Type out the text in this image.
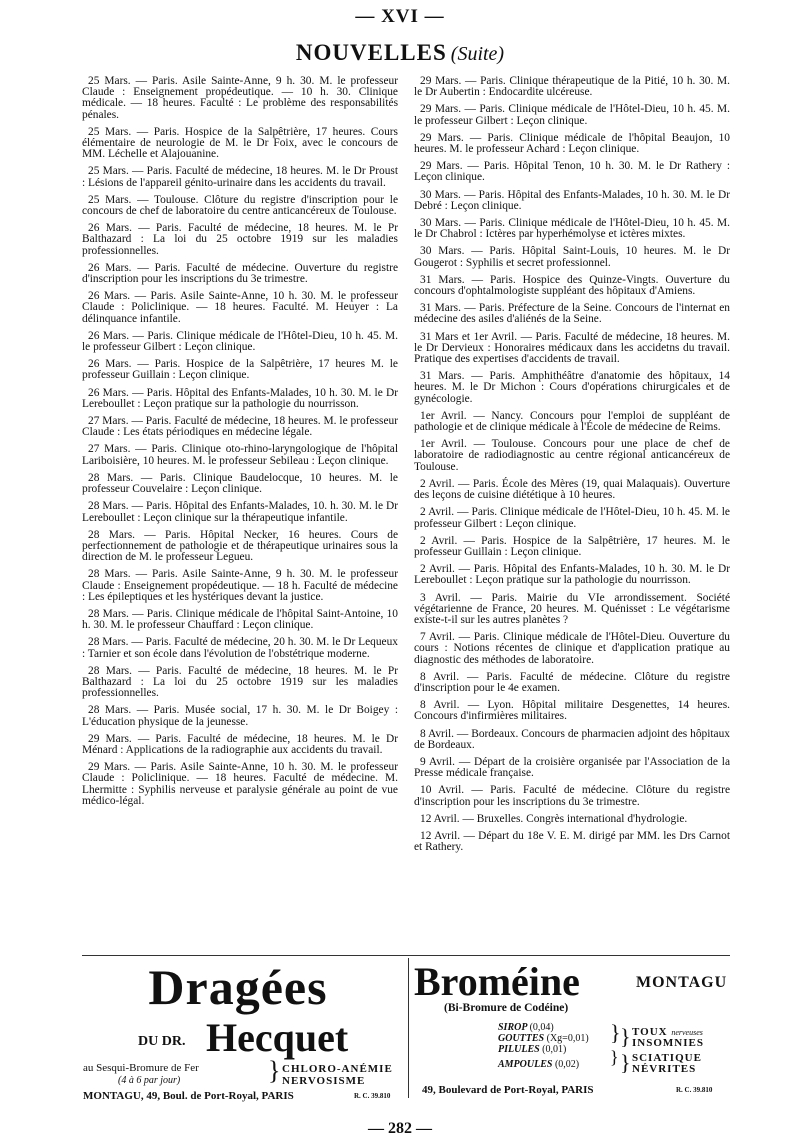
— XVI —
NOUVELLES (Suite)

25 Mars. — Paris. Asile Sainte-Anne, 9 h. 30. M. le professeur Claude : Enseignement propédeutique. — 10 h. 30. Clinique médicale. — 18 heures. Faculté : Le problème des responsabilités pénales.

25 Mars. — Paris. Hospice de la Salpêtrière, 17 heures. Cours élémentaire de neurologie de M. le Dr Foix, avec le concours de MM. Léchelle et Alajouanine.

25 Mars. — Paris. Faculté de médecine, 18 heures. M. le Dr Proust : Lésions de l'appareil génito-urinaire dans les accidents du travail.

25 Mars. — Toulouse. Clôture du registre d'inscription pour le concours de chef de laboratoire du centre anticancéreux de Toulouse.

26 Mars. — Paris. Faculté de médecine, 18 heures. M. le Pr Balthazard : La loi du 25 octobre 1919 sur les maladies professionnelles.

26 Mars. — Paris. Faculté de médecine. Ouverture du registre d'inscription pour les inscriptions du 3e trimestre.

26 Mars. — Paris. Asile Sainte-Anne, 10 h. 30. M. le professeur Claude : Policlinique. — 18 heures. Faculté. M. Heuyer : La délinquance infantile.

26 Mars. — Paris. Clinique médicale de l'Hôtel-Dieu, 10 h. 45. M. le professeur Gilbert : Leçon clinique.

26 Mars. — Paris. Hospice de la Salpêtrière, 17 heures M. le professeur Guillain : Leçon clinique.

26 Mars. — Paris. Hôpital des Enfants-Malades, 10 h. 30. M. le Dr Lereboullet : Leçon pratique sur la pathologie du nourrisson.

27 Mars. — Paris. Faculté de médecine, 18 heures. M. le professeur Claude : Les états périodiques en médecine légale.

27 Mars. — Paris. Clinique oto-rhino-laryngologique de l'hôpital Lariboisière, 10 heures. M. le professeur Sebileau : Leçon clinique.

28 Mars. — Paris. Clinique Baudelocque, 10 heures. M. le professeur Couvelaire : Leçon clinique.

28 Mars. — Paris. Hôpital des Enfants-Malades, 10. h. 30. M. le Dr Lereboullet : Leçon clinique sur la thérapeutique infantile.

28 Mars. — Paris. Hôpital Necker, 16 heures. Cours de perfectionnement de pathologie et de thérapeutique urinaires sous la direction de M. le professeur Legueu.

28 Mars. — Paris. Asile Sainte-Anne, 9 h. 30. M. le professeur Claude : Enseignement propédeutique. — 18 h. Faculté de médecine : Les épileptiques et les hystériques devant la justice.

28 Mars. — Paris. Clinique médicale de l'hôpital Saint-Antoine, 10 h. 30. M. le professeur Chauffard : Leçon clinique.

28 Mars. — Paris. Faculté de médecine, 20 h. 30. M. le Dr Lequeux : Tarnier et son école dans l'évolution de l'obstétrique moderne.

28 Mars. — Paris. Faculté de médecine, 18 heures. M. le Pr Balthazard : La loi du 25 octobre 1919 sur les maladies professionnelles.

28 Mars. — Paris. Musée social, 17 h. 30. M. le Dr Boigey : L'éducation physique de la jeunesse.

29 Mars. — Paris. Faculté de médecine, 18 heures. M. le Dr Ménard : Applications de la radiographie aux accidents du travail.

29 Mars. — Paris. Asile Sainte-Anne, 10 h. 30. M. le professeur Claude : Policlinique. — 18 heures. Faculté de médecine. M. Lhermitte : Syphilis nerveuse et paralysie générale au point de vue médico-légal.

29 Mars. — Paris. Clinique thérapeutique de la Pitié, 10 h. 30. M. le Dr Aubertin : Endocardite ulcéreuse.

29 Mars. — Paris. Clinique médicale de l'Hôtel-Dieu, 10 h. 45. M. le professeur Gilbert : Leçon clinique.

29 Mars. — Paris. Clinique médicale de l'hôpital Beaujon, 10 heures. M. le professeur Achard : Leçon clinique.

29 Mars. — Paris. Hôpital Tenon, 10 h. 30. M. le Dr Rathery : Leçon clinique.

30 Mars. — Paris. Hôpital des Enfants-Malades, 10 h. 30. M. le Dr Debré : Leçon clinique.

30 Mars. — Paris. Clinique médicale de l'Hôtel-Dieu, 10 h. 45. M. le Dr Chabrol : Ictères par hyperhémolyse et ictères mixtes.

30 Mars. — Paris. Hôpital Saint-Louis, 10 heures. M. le Dr Gougerot : Syphilis et secret professionnel.

31 Mars. — Paris. Hospice des Quinze-Vingts. Ouverture du concours d'ophtalmologiste suppléant des hôpitaux d'Amiens.

31 Mars. — Paris. Préfecture de la Seine. Concours de l'internat en médecine des asiles d'aliénés de la Seine.

31 Mars et 1er Avril. — Paris. Faculté de médecine, 18 heures. M. le Dr Dervieux : Honoraires médicaux dans les accidetns du travail. Pratique des expertises d'accidents de travail.

31 Mars. — Paris. Amphithéâtre d'anatomie des hôpitaux, 14 heures. M. le Dr Michon : Cours d'opérations chirurgicales et de gynécologie.

1er Avril. — Nancy. Concours pour l'emploi de suppléant de pathologie et de clinique médicale à l'École de médecine de Reims.

1er Avril. — Toulouse. Concours pour une place de chef de laboratoire de radiodiagnostic au centre régional anticancéreux de Toulouse.

2 Avril. — Paris. École des Mères (19, quai Malaquais). Ouverture des leçons de cuisine diététique à 10 heures.

2 Avril. — Paris. Clinique médicale de l'Hôtel-Dieu, 10 h. 45. M. le professeur Gilbert : Leçon clinique.

2 Avril. — Paris. Hospice de la Salpêtrière, 17 heures. M. le professeur Guillain : Leçon clinique.

2 Avril. — Paris. Hôpital des Enfants-Malades, 10 h. 30. M. le Dr Lereboullet : Leçon pratique sur la pathologie du nourrisson.

3 Avril. — Paris. Mairie du VIe arrondissement. Société végétarienne de France, 20 heures. M. Quénisset : Le végétarisme existe-t-il sur les autres planètes ?

7 Avril. — Paris. Clinique médicale de l'Hôtel-Dieu. Ouverture du cours : Notions récentes de clinique et d'application pratique au diagnostic des méthodes de laboratoire.

8 Avril. — Paris. Faculté de médecine. Clôture du registre d'inscription pour le 4e examen.

8 Avril. — Lyon. Hôpital militaire Desgenettes, 14 heures. Concours d'infirmières militaires.

8 Avril. — Bordeaux. Concours de pharmacien adjoint des hôpitaux de Bordeaux.

9 Avril. — Départ de la croisière organisée par l'Association de la Presse médicale française.

10 Avril. — Paris. Faculté de médecine. Clôture du registre d'inscription pour les inscriptions du 3e trimestre.

12 Avril. — Bruxelles. Congrès international d'hydrologie.

12 Avril. — Départ du 18e V. E. M. dirigé par MM. les Drs Carnot et Rathery.

Dragées
DU DR. Hecquet
au Sesqui-Bromure de Fer
(4 à 6 par jour)	} CHLORO-ANÉMIE
NERVOSISME
MONTAGU, 49, Boul. de Port-Royal, PARIS	R. C. 39.810
Broméine	MONTAGU
(Bi-Bromure de Codéine)
SIROP (0,04)
GOUTTES (Xg=0,01)
PILULES (0,01)
AMPOULES (0,02)
}
}
}
}
TOUX nerveuses
INSOMNIES
SCIATIQUE
NÉVRITES
49, Boulevard de Port-Royal, PARIS	R. C. 39.810
— 282 —
